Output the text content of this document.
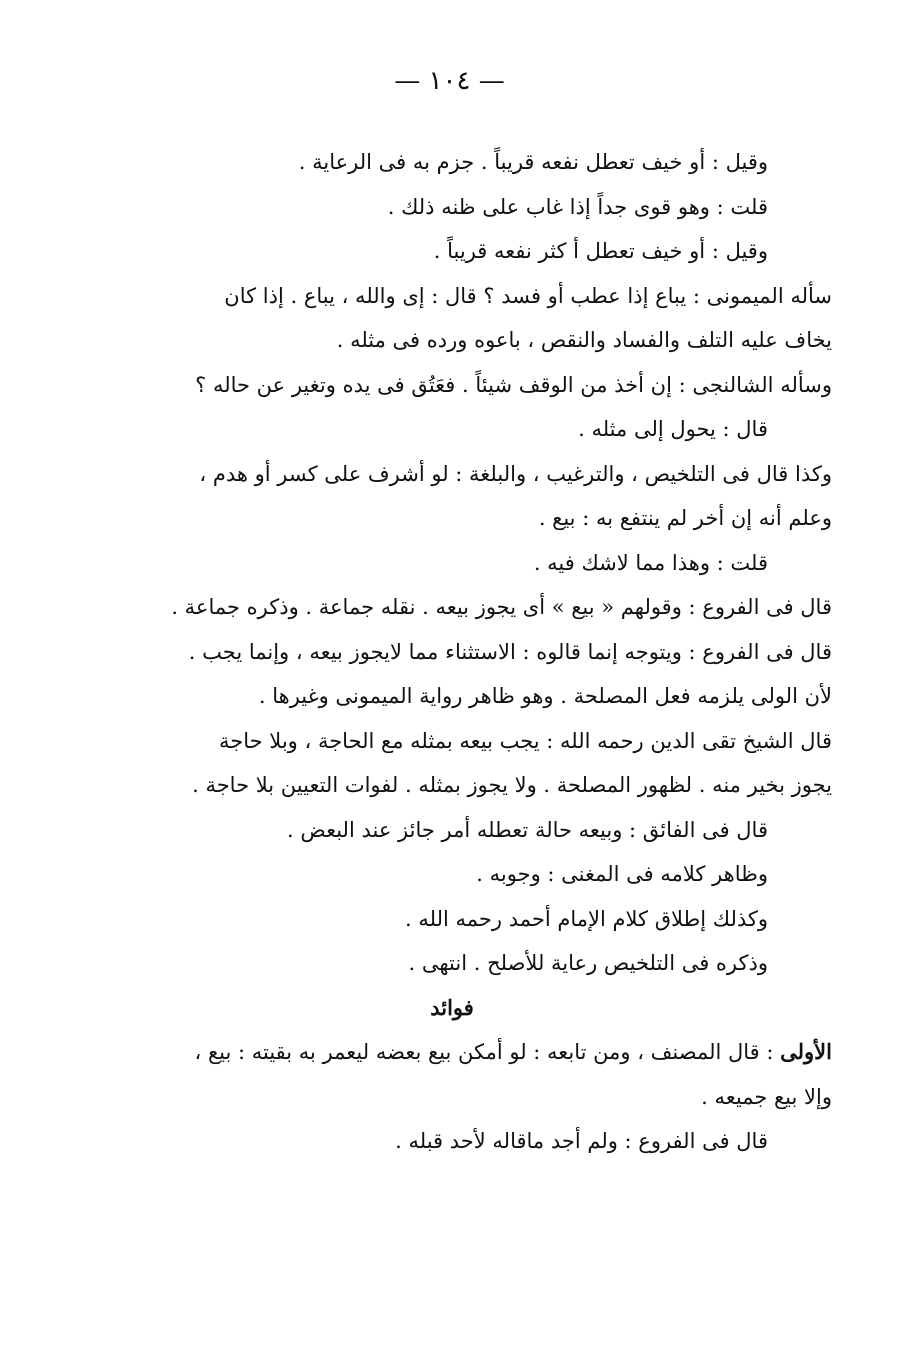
— ١٠٤ —
وقيل : أو خيف تعطل نفعه قريباً . جزم به فى الرعاية .
قلت : وهو قوى جداً إذا غاب على ظنه ذلك .
وقيل : أو خيف تعطل أ كثر نفعه قريباً .
سأله الميمونى : يباع إذا عطب أو فسد ؟ قال : إى والله ، يباع . إذا كان
يخاف عليه التلف والفساد والنقص ، باعوه ورده فى مثله .
وسأله الشالنجى : إن أخذ من الوقف شيئاً . فعَتُق فى يده وتغير عن حاله ؟
قال : يحول إلى مثله .
وكذا قال فى التلخيص ، والترغيب ، والبلغة : لو أشرف على كسر أو هدم ،
وعلم أنه إن أخر لم ينتفع به : بيع .
قلت : وهذا مما لاشك فيه .
قال فى الفروع : وقولهم « بيع » أى يجوز بيعه . نقله جماعة . وذكره جماعة .
قال فى الفروع : ويتوجه إنما قالوه : الاستثناء مما لايجوز بيعه ، وإنما يجب .
لأن الولى يلزمه فعل المصلحة . وهو ظاهر رواية الميمونى وغيرها .
قال الشيخ تقى الدين رحمه الله : يجب بيعه بمثله مع الحاجة ، وبلا حاجة
يجوز بخير منه . لظهور المصلحة . ولا يجوز بمثله . لفوات التعيين بلا حاجة .
قال فى الفائق : وبيعه حالة تعطله أمر جائز عند البعض .
وظاهر كلامه فى المغنى : وجوبه .
وكذلك إطلاق كلام الإمام أحمد رحمه الله .
وذكره فى التلخيص رعاية للأصلح . انتهى .
فوائد
الأولى : قال المصنف ، ومن تابعه : لو أمكن بيع بعضه ليعمر به بقيته : بيع ،
وإلا بيع جميعه .
قال فى الفروع : ولم أجد ماقاله لأحد قبله .
